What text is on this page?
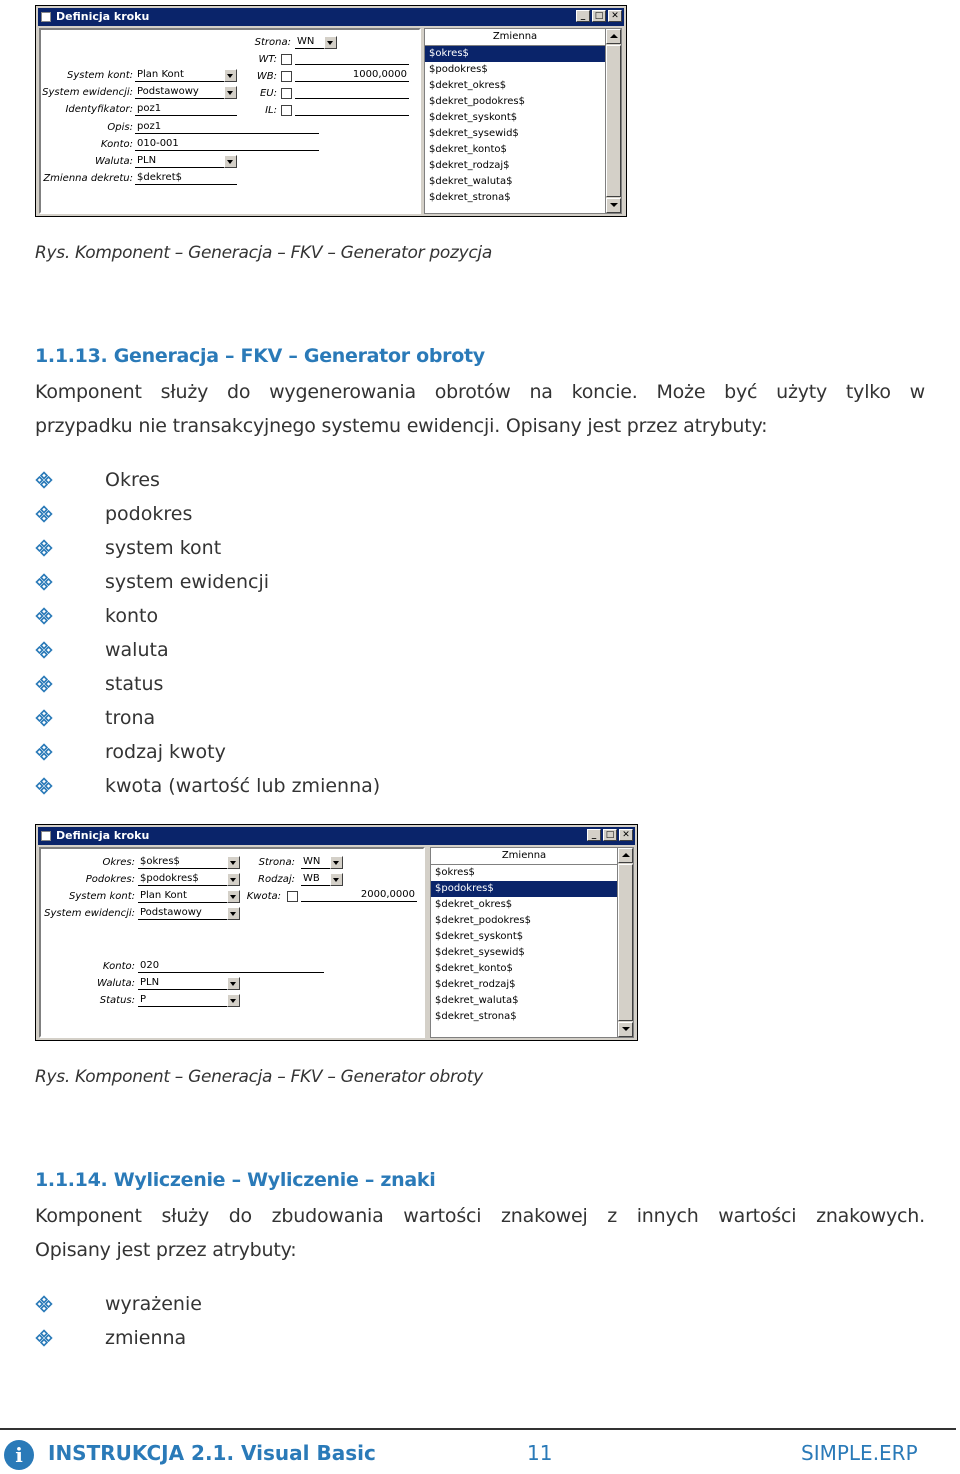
Definicja kroku	_	□ ✕
System kont: Plan Kont
System ewidencji: Podstawowy
Identyfikator: poz1
Opis: poz1
Konto: 010-001
Waluta: PLN
Zmienna dekretu: $dekret$
Strona: WN
WT:
WB:	1000,0000
EU:
IL:
Zmienna
$okres$
$podokres$
$dekret_okres$
$dekret_podokres$
$dekret_syskont$
$dekret_sysewid$
$dekret_konto$
$dekret_rodzaj$
$dekret_waluta$
$dekret_strona$
Rys. Komponent – Generacja – FKV – Generator pozycja
1.1.13. Generacja – FKV – Generator obroty
Komponent służy do wygenerowania obrotów na koncie. Może być użyty tylko w
przypadku nie transakcyjnego systemu ewidencji. Opisany jest przez atrybuty:
Okres
podokres
system kont
system ewidencji
konto
waluta
status
trona
rodzaj kwoty
kwota (wartość lub zmienna)
Definicja kroku	_	□ ✕
Okres: $okres$
Podokres: $podokres$
System kont: Plan Kont
System ewidencji: Podstawowy
Konto: 020
Waluta: PLN
Status: P
Strona: WN
Rodzaj: WB
Kwota:	2000,0000
Zmienna
$okres$
$podokres$
$dekret_okres$
$dekret_podokres$
$dekret_syskont$
$dekret_sysewid$
$dekret_konto$
$dekret_rodzaj$
$dekret_waluta$
$dekret_strona$
Rys. Komponent – Generacja – FKV – Generator obroty
1.1.14. Wyliczenie – Wyliczenie – znaki
Komponent służy do zbudowania wartości znakowej z innych wartości znakowych.
Opisany jest przez atrybuty:
wyrażenie
zmienna
i	INSTRUKCJA 2.1. Visual Basic	11	SIMPLE.ERP
